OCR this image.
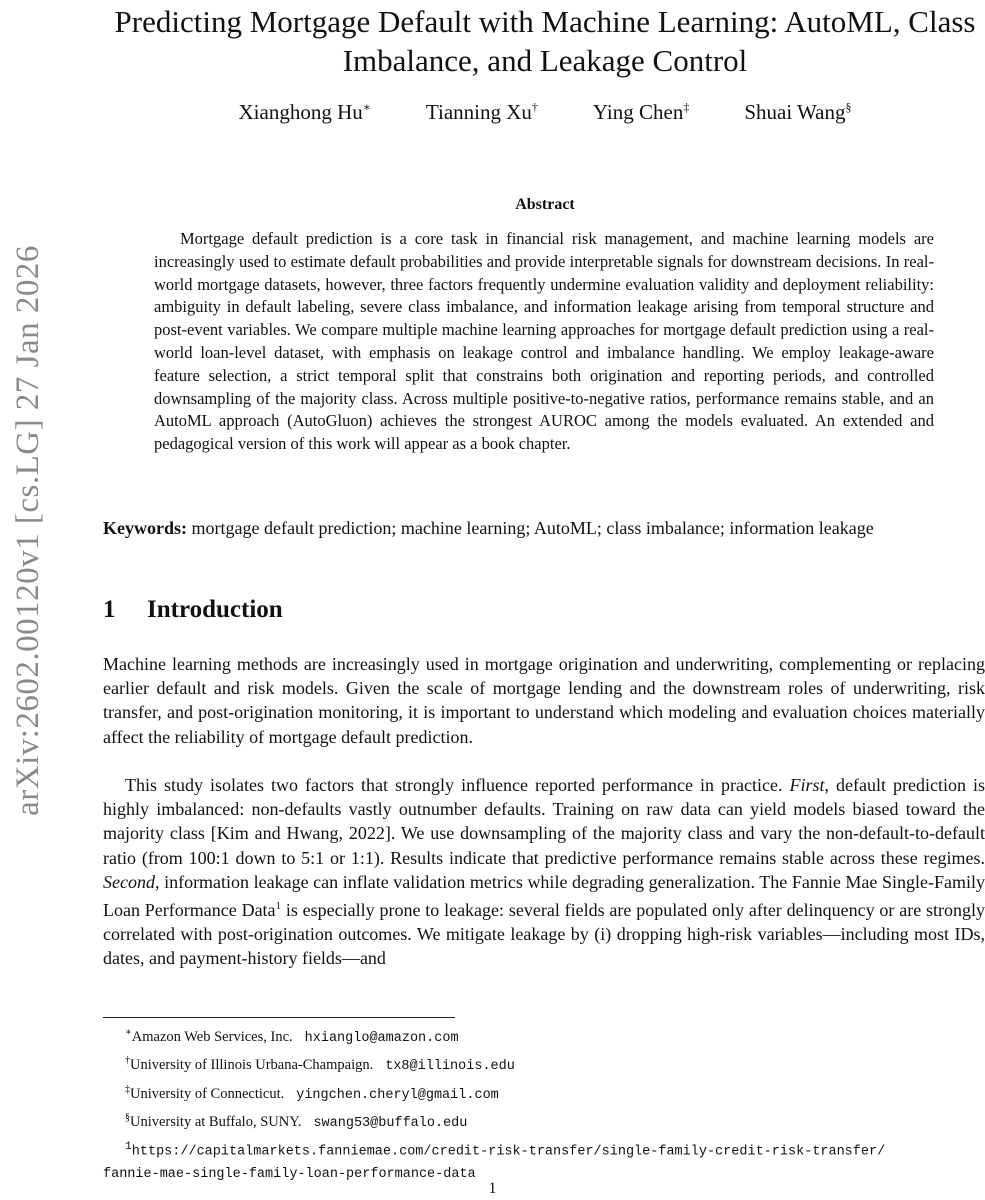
arXiv:2602.00120v1 [cs.LG] 27 Jan 2026
Predicting Mortgage Default with Machine Learning: AutoML, Class Imbalance, and Leakage Control
Xianghong Hu∗	Tianning Xu†	Ying Chen‡	Shuai Wang§
Abstract

Mortgage default prediction is a core task in financial risk management, and machine learning models are increasingly used to estimate default probabilities and provide interpretable signals for downstream decisions. In real-world mortgage datasets, however, three factors frequently undermine evaluation validity and deployment reliability: ambiguity in default labeling, severe class imbalance, and information leakage arising from temporal structure and post-event variables. We compare multiple machine learning approaches for mortgage default prediction using a real-world loan-level dataset, with emphasis on leakage control and imbalance handling. We employ leakage-aware feature selection, a strict temporal split that constrains both origination and reporting periods, and controlled downsampling of the majority class. Across multiple positive-to-negative ratios, performance remains stable, and an AutoML approach (AutoGluon) achieves the strongest AUROC among the models evaluated. An extended and pedagogical version of this work will appear as a book chapter.

Keywords: mortgage default prediction; machine learning; AutoML; class imbalance; information leakage

1 Introduction

Machine learning methods are increasingly used in mortgage origination and underwriting, complementing or replacing earlier default and risk models. Given the scale of mortgage lending and the downstream roles of underwriting, risk transfer, and post-origination monitoring, it is important to understand which modeling and evaluation choices materially affect the reliability of mortgage default prediction.

This study isolates two factors that strongly influence reported performance in practice. First, default prediction is highly imbalanced: non-defaults vastly outnumber defaults. Training on raw data can yield models biased toward the majority class [Kim and Hwang, 2022]. We use downsampling of the majority class and vary the non-default-to-default ratio (from 100:1 down to 5:1 or 1:1). Results indicate that predictive performance remains stable across these regimes. Second, information leakage can inflate validation metrics while degrading generalization. The Fannie Mae Single-Family Loan Performance Data$^1$ is especially prone to leakage: several fields are populated only after delinquency or are strongly correlated with post-origination outcomes. We mitigate leakage by (i) dropping high-risk variables—including most IDs, dates, and payment-history fields—and

∗Amazon Web Services, Inc. hxianglo@amazon.com
†University of Illinois Urbana-Champaign. tx8@illinois.edu
‡University of Connecticut. yingchen.cheryl@gmail.com
§University at Buffalo, SUNY. swang53@buffalo.edu
$^1$https://capitalmarkets.fanniemae.com/credit-risk-transfer/single-family-credit-risk-transfer/
fannie-mae-single-family-loan-performance-data
1
